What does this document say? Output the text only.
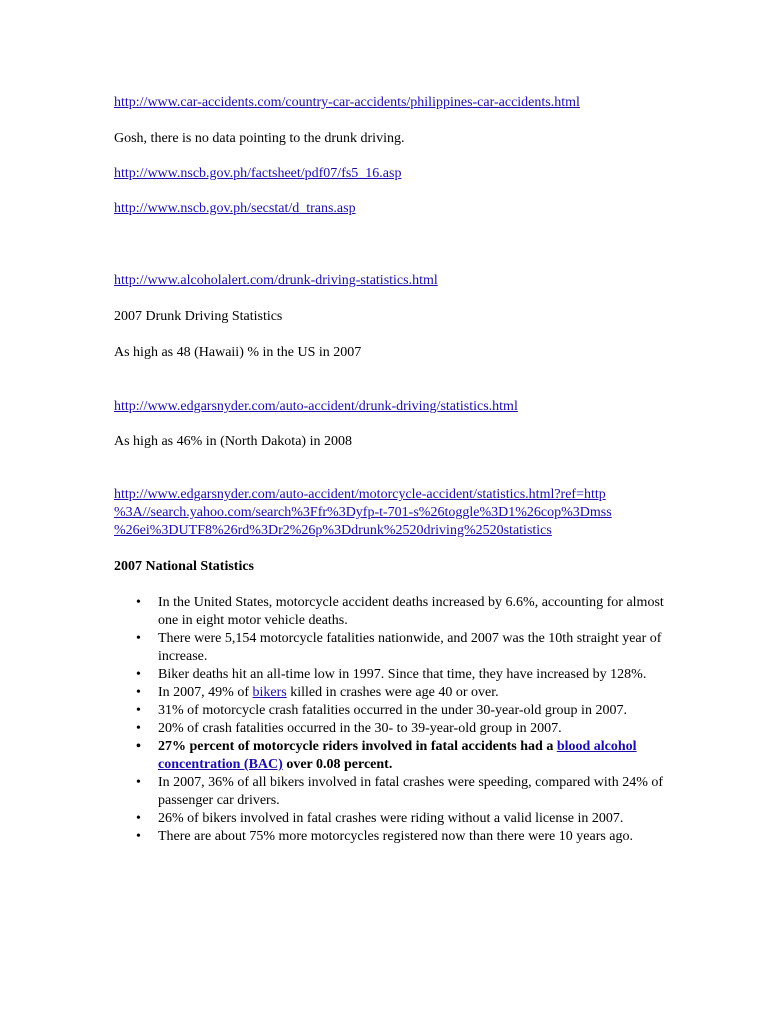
http://www.car-accidents.com/country-car-accidents/philippines-car-accidents.html

Gosh, there is no data pointing to the drunk driving.

http://www.nscb.gov.ph/factsheet/pdf07/fs5_16.asp

http://www.nscb.gov.ph/secstat/d_trans.asp

http://www.alcoholalert.com/drunk-driving-statistics.html

2007 Drunk Driving Statistics

As high as 48 (Hawaii) % in the US in 2007

http://www.edgarsnyder.com/auto-accident/drunk-driving/statistics.html

As high as 46% in (North Dakota) in 2008

http://www.edgarsnyder.com/auto-accident/motorcycle-accident/statistics.html?ref=http
%3A//search.yahoo.com/search%3Ffr%3Dyfp-t-701-s%26toggle%3D1%26cop%3Dmss
%26ei%3DUTF8%26rd%3Dr2%26p%3Ddrunk%2520driving%2520statistics

2007 National Statistics

• In the United States, motorcycle accident deaths increased by 6.6%, accounting for almost one in eight motor vehicle deaths.
• There were 5,154 motorcycle fatalities nationwide, and 2007 was the 10th straight year of increase.
• Biker deaths hit an all-time low in 1997. Since that time, they have increased by 128%.
• In 2007, 49% of bikers killed in crashes were age 40 or over.
• 31% of motorcycle crash fatalities occurred in the under 30-year-old group in 2007.
• 20% of crash fatalities occurred in the 30- to 39-year-old group in 2007.
• 27% percent of motorcycle riders involved in fatal accidents had a blood alcohol concentration (BAC) over 0.08 percent.
• In 2007, 36% of all bikers involved in fatal crashes were speeding, compared with 24% of passenger car drivers.
• 26% of bikers involved in fatal crashes were riding without a valid license in 2007.
• There are about 75% more motorcycles registered now than there were 10 years ago.
